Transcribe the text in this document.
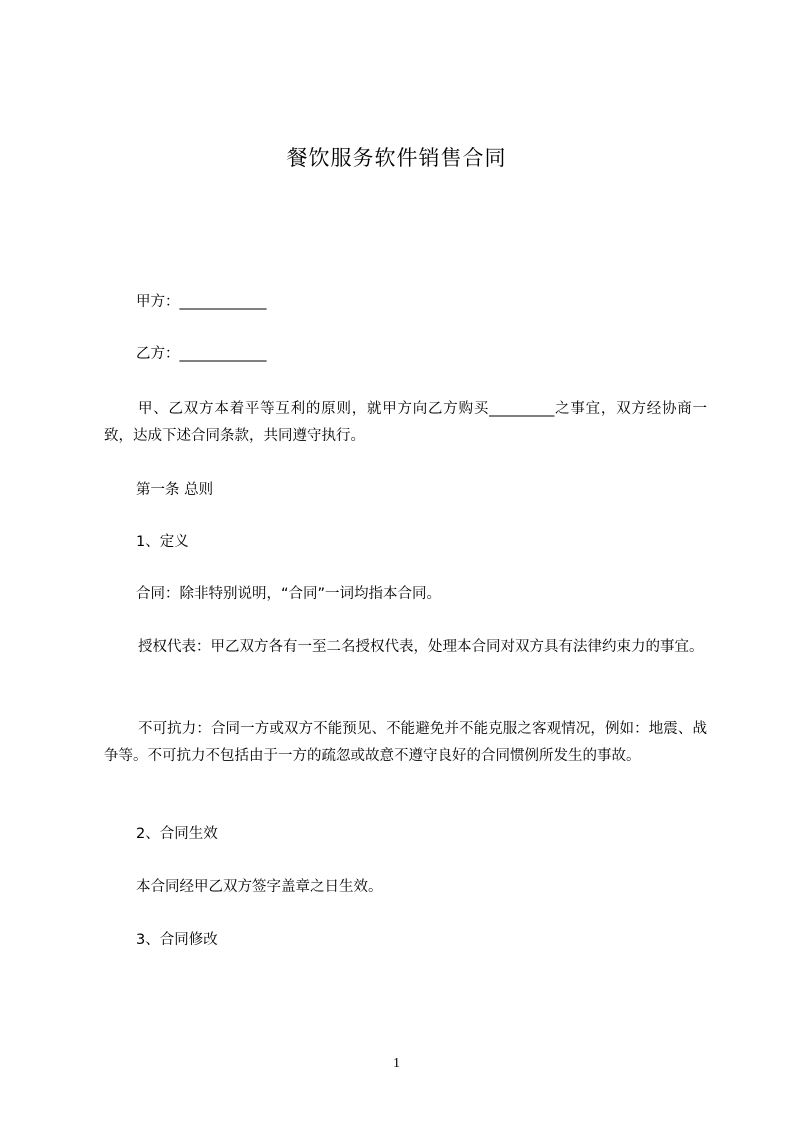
餐饮服务软件销售合同
甲方：____________
乙方：____________
甲、乙双方本着平等互利的原则，就甲方向乙方购买_________之事宜，双方经协商一致，达成下述合同条款，共同遵守执行。
第一条 总则
1、定义
合同：除非特别说明，“合同”一词均指本合同。
授权代表：甲乙双方各有一至二名授权代表，处理本合同对双方具有法律约束力的事宜。
不可抗力：合同一方或双方不能预见、不能避免并不能克服之客观情况，例如：地震、战争等。不可抗力不包括由于一方的疏忽或故意不遵守良好的合同惯例所发生的事故。
2、合同生效
本合同经甲乙双方签字盖章之日生效。
3、合同修改
1
